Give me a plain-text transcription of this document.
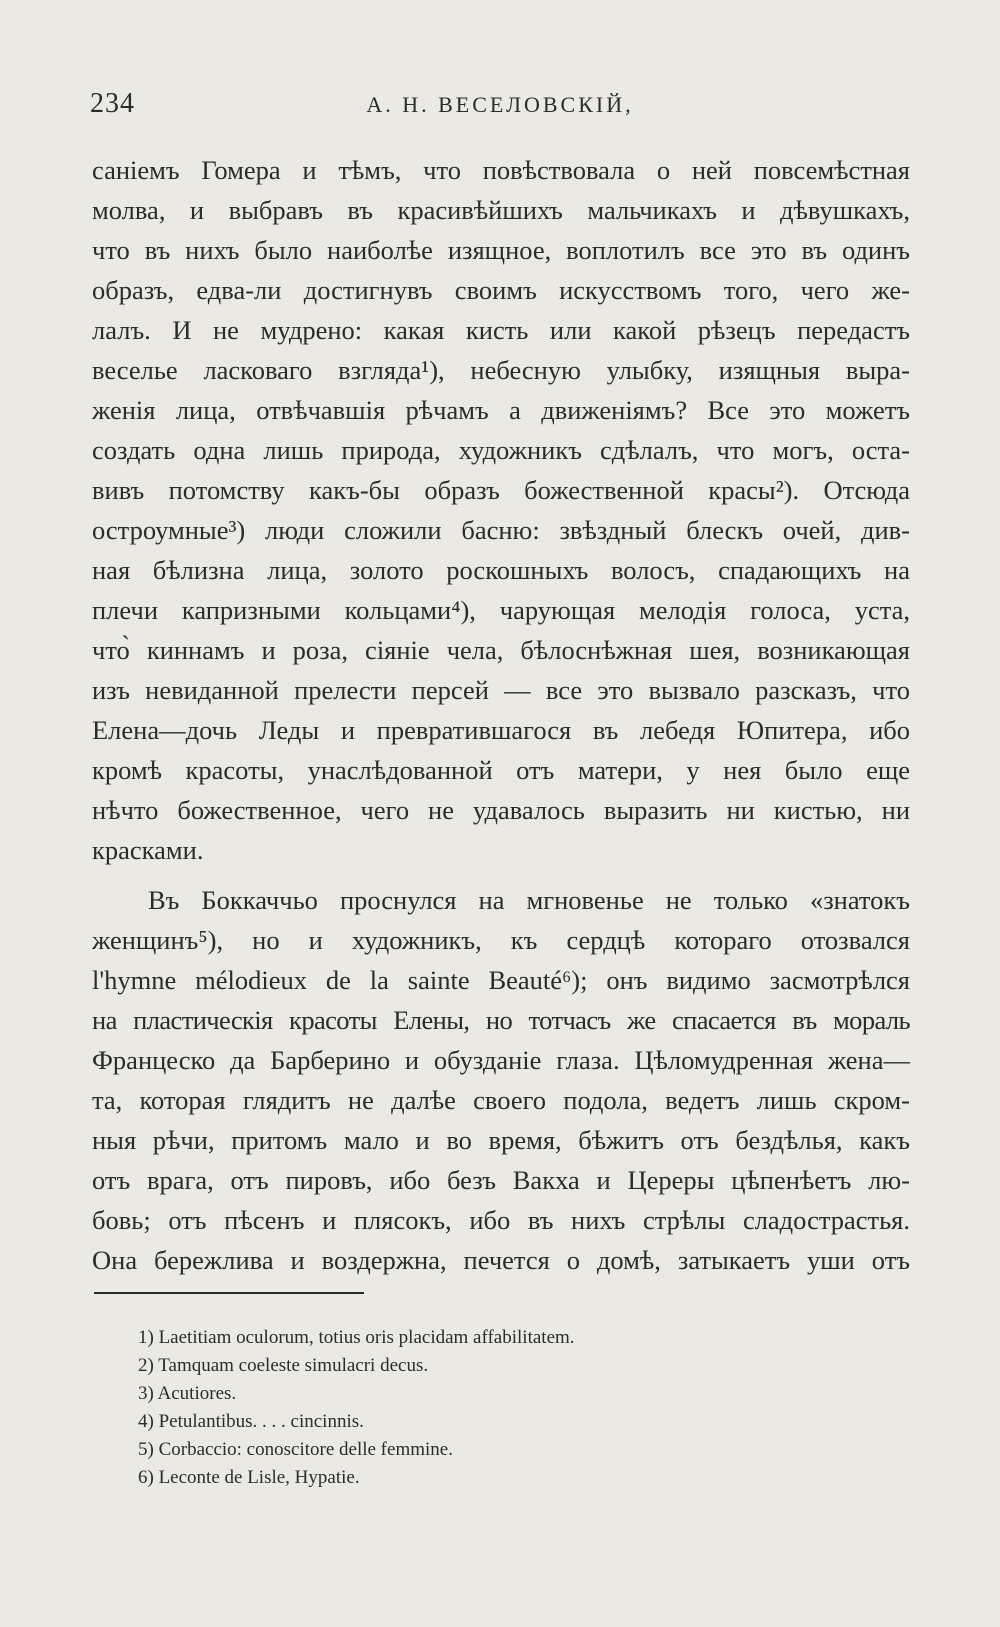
234	А. Н. ВЕСЕЛОВСКІЙ,
саніемъ Гомера и тѣмъ, что повѣствовала о ней повсемѣстная
молва, и выбравъ въ красивѣйшихъ мальчикахъ и дѣвушкахъ,
что въ нихъ было наиболѣе изящное, воплотилъ все это въ одинъ
образъ, едва-ли достигнувъ своимъ искусствомъ того, чего же-
лалъ. И не мудрено: какая кисть или какой рѣзецъ передастъ
веселье ласковаго взгляда¹), небесную улыбку, изящныя выра-
женія лица, отвѣчавшія рѣчамъ а движеніямъ? Все это можетъ
создать одна лишь природа, художникъ сдѣлалъ, что могъ, оста-
вивъ потомству какъ-бы образъ божественной красы²). Отсюда
остроумные³) люди сложили басню: звѣздный блескъ очей, див-
ная бѣлизна лица, золото роскошныхъ волосъ, спадающихъ на
плечи капризными кольцами⁴), чарующая мелодія голоса, уста,
что̀ киннамъ и роза, сіяніе чела, бѣлоснѣжная шея, возникающая
изъ невиданной прелести персей — все это вызвало разсказъ, что
Елена—дочь Леды и превратившагося въ лебедя Юпитера, ибо
кромѣ красоты, унаслѣдованной отъ матери, у нея было еще
нѣчто божественное, чего не удавалось выразить ни кистью, ни
красками.
Въ Боккаччьо проснулся на мгновенье не только «знатокъ
женщинъ⁵), но и художникъ, къ сердцѣ котораго отозвался
l'hymne mélodieux de la sainte Beauté⁶); онъ видимо засмотрѣлся
на пластическія красоты Елены, но тотчасъ же спасается въ мораль
Францеско да Барберино и обузданіе глаза. Цѣломудренная жена—
та, которая глядитъ не далѣе своего подола, ведетъ лишь скром-
ныя рѣчи, притомъ мало и во время, бѣжитъ отъ бездѣлья, какъ
отъ врага, отъ пировъ, ибо безъ Вакха и Цереры цѣпенѣетъ лю-
бовь; отъ пѣсенъ и плясокъ, ибо въ нихъ стрѣлы сладострастья.
Она бережлива и воздержна, печется о домѣ, затыкаетъ уши отъ
1) Laetitiam oculorum, totius oris placidam affabilitatem.
2) Tamquam coeleste simulacri decus.
3) Acutiores.
4) Petulantibus. . . . cincinnis.
5) Corbaccio: conoscitore delle femmine.
6) Leconte de Lisle, Hypatie.
